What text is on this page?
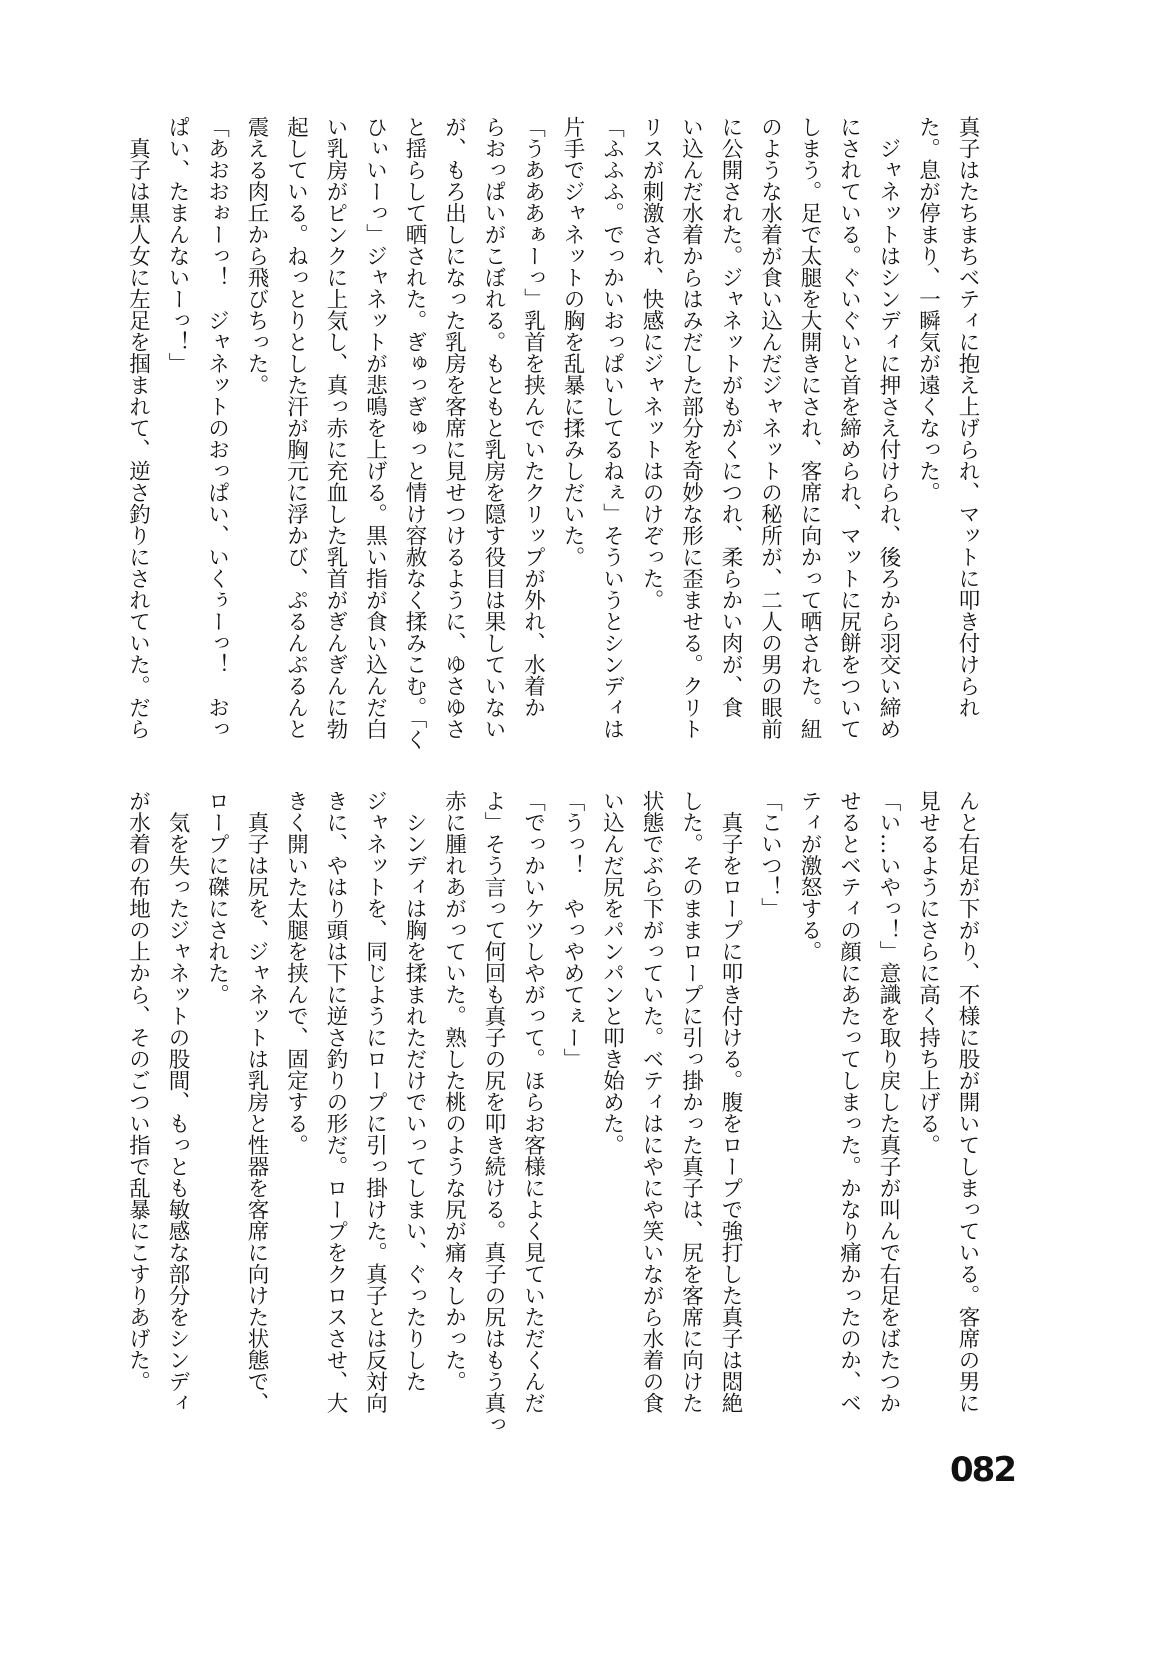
真子はたちまちベティに抱え上げられ、マットに叩き付けられ
た。息が停まり、一瞬気が遠くなった。
　ジャネットはシンディに押さえ付けられ、後ろから羽交い締め
にされている。ぐいぐいと首を締められ、マットに尻餅をついて
しまう。足で太腿を大開きにされ、客席に向かって晒された。紐
のような水着が食い込んだジャネットの秘所が、二人の男の眼前
に公開された。ジャネットがもがくにつれ、柔らかい肉が、食
い込んだ水着からはみだした部分を奇妙な形に歪ませる。クリト
リスが刺激され、快感にジャネットはのけぞった。
「ふふふ。でっかいおっぱいしてるねぇ」そういうとシンディは
片手でジャネットの胸を乱暴に揉みしだいた。
「うあああぁーっ」乳首を挟んでいたクリップが外れ、水着か
らおっぱいがこぼれる。もともと乳房を隠す役目は果していない
が、もろ出しになった乳房を客席に見せつけるように、ゆさゆさ
と揺らして晒された。ぎゅっぎゅっと情け容赦なく揉みこむ。「く
ひぃいーっ」ジャネットが悲鳴を上げる。黒い指が食い込んだ白
い乳房がピンクに上気し、真っ赤に充血した乳首がぎんぎんに勃
起している。ねっとりとした汗が胸元に浮かび、ぷるんぷるんと
震える肉丘から飛びちった。
「あおおぉーっ！　ジャネットのおっぱい、いくぅーっ！　おっ
ぱい、たまんないーっ！」
　真子は黒人女に左足を掴まれて、逆さ釣りにされていた。だら
んと右足が下がり、不様に股が開いてしまっている。客席の男に
見せるようにさらに高く持ち上げる。
「い…いやっ！」意識を取り戻した真子が叫んで右足をばたつか
せるとベティの顔にあたってしまった。かなり痛かったのか、ベ
ティが激怒する。
「こいつ！」
　真子をロープに叩き付ける。腹をロープで強打した真子は悶絶
した。そのままロープに引っ掛かった真子は、尻を客席に向けた
状態でぶら下がっていた。ベティはにやにや笑いながら水着の食
い込んだ尻をパンパンと叩き始めた。
「うっ！　やっやめてぇー」
「でっかいケツしやがって。ほらお客様によく見ていただくんだ
よ」そう言って何回も真子の尻を叩き続ける。真子の尻はもう真っ
赤に腫れあがっていた。熟した桃のような尻が痛々しかった。
　シンディは胸を揉まれただけでいってしまい、ぐったりした
ジャネットを、同じようにロープに引っ掛けた。真子とは反対向
きに、やはり頭は下に逆さ釣りの形だ。ロープをクロスさせ、大
きく開いた太腿を挟んで、固定する。
　真子は尻を、ジャネットは乳房と性器を客席に向けた状態で、
ロープに磔にされた。
　気を失ったジャネットの股間、もっとも敏感な部分をシンディ
が水着の布地の上から、そのごつい指で乱暴にこすりあげた。
082
